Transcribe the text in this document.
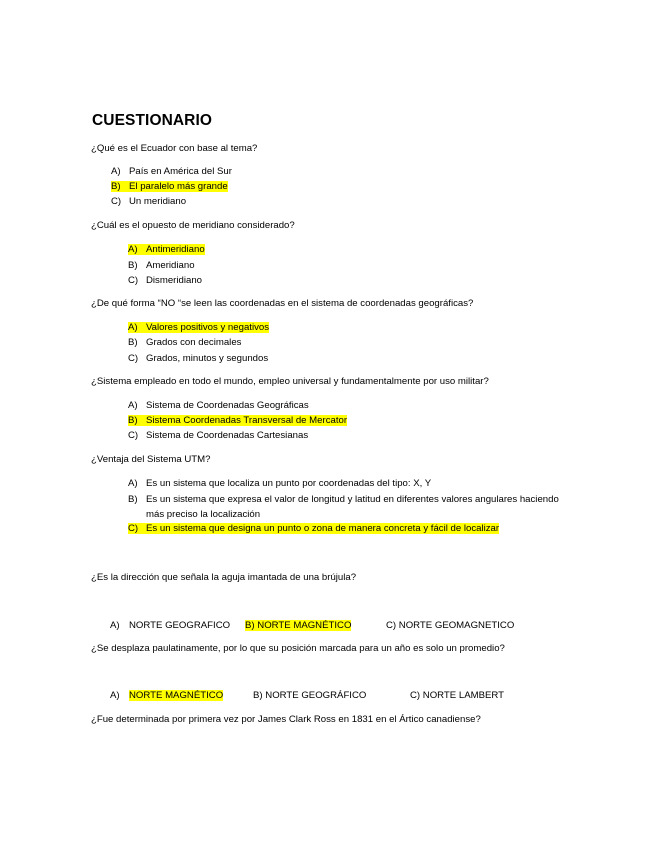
CUESTIONARIO
¿Qué es el Ecuador con base al tema?
A) País en América del Sur
B) El paralelo más grande
C) Un meridiano
¿Cuál es el opuesto de meridiano considerado?
A) Antimeridiano
B) Ameridiano
C) Dismeridiano
¿De qué forma “NO “se leen las coordenadas en el sistema de coordenadas geográficas?
A) Valores positivos y negativos
B) Grados con decimales
C) Grados, minutos y segundos
¿Sistema empleado en todo el mundo, empleo universal y fundamentalmente por uso militar?
A) Sistema de Coordenadas Geográficas
B) Sistema Coordenadas Transversal de Mercator
C) Sistema de Coordenadas Cartesianas
¿Ventaja del Sistema UTM?
A) Es un sistema que localiza un punto por coordenadas del tipo: X, Y
B) Es un sistema que expresa el valor de longitud y latitud en diferentes valores angulares haciendo más preciso la localización
C) Es un sistema que designa un punto o zona de manera concreta y fácil de localizar
¿Es la dirección que señala la aguja imantada de una brújula?
A) NORTE GEOGRAFICO B) NORTE MAGNÉTICO	C) NORTE GEOMAGNETICO
¿Se desplaza paulatinamente, por lo que su posición marcada para un año es solo un promedio?
A) NORTE MAGNÉTICO	B) NORTE GEOGRÁFICO	C) NORTE LAMBERT
¿Fue determinada por primera vez por James Clark Ross en 1831 en el Ártico canadiense?
